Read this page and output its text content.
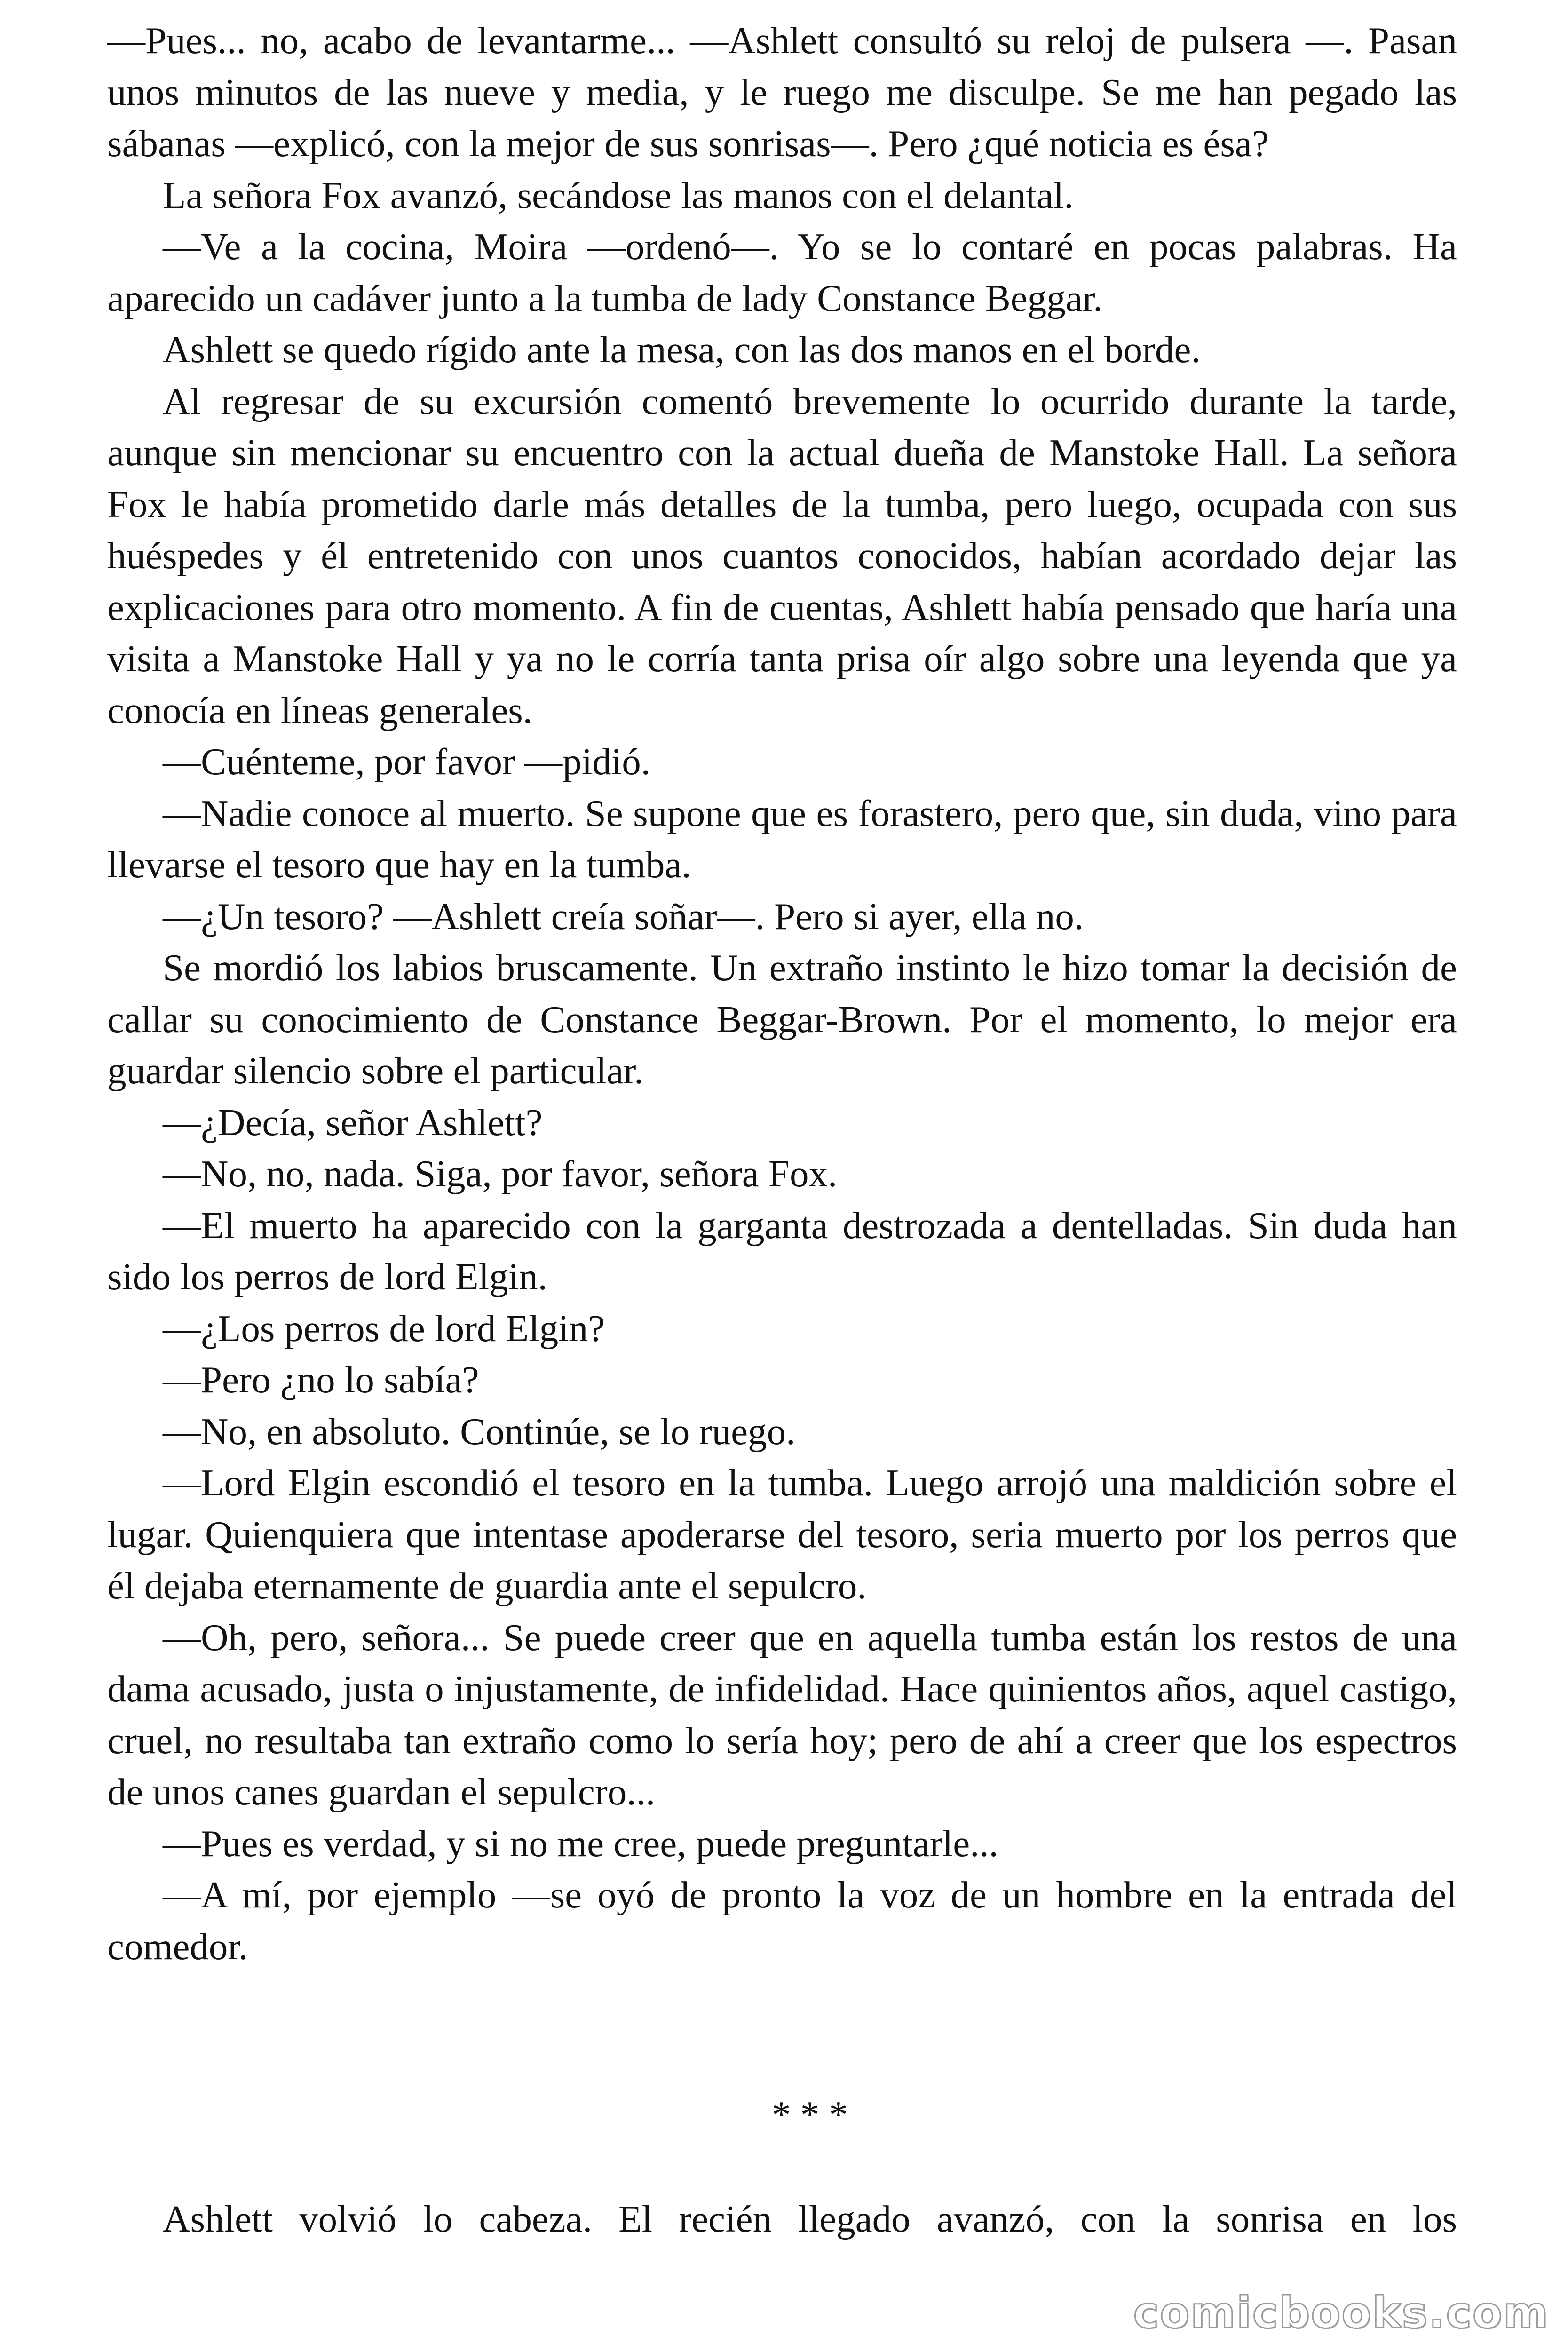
—Pues... no, acabo de levantarme... —Ashlett consultó su reloj de pulsera —. Pasan unos minutos de las nueve y media, y le ruego me disculpe. Se me han pegado las sábanas —explicó, con la mejor de sus sonrisas—. Pero ¿qué noticia es ésa?

La señora Fox avanzó, secándose las manos con el delantal.

—Ve a la cocina, Moira —ordenó—. Yo se lo contaré en pocas palabras. Ha aparecido un cadáver junto a la tumba de lady Constance Beggar.

Ashlett se quedo rígido ante la mesa, con las dos manos en el borde.

Al regresar de su excursión comentó brevemente lo ocurrido durante la tarde, aunque sin mencionar su encuentro con la actual dueña de Manstoke Hall. La señora Fox le había prometido darle más detalles de la tumba, pero luego, ocupada con sus huéspedes y él entretenido con unos cuantos conocidos, habían acordado dejar las explicaciones para otro momento. A fin de cuentas, Ashlett había pensado que haría una visita a Manstoke Hall y ya no le corría tanta prisa oír algo sobre una leyenda que ya conocía en líneas generales.

—Cuénteme, por favor —pidió.

—Nadie conoce al muerto. Se supone que es forastero, pero que, sin duda, vino para llevarse el tesoro que hay en la tumba.

—¿Un tesoro? —Ashlett creía soñar—. Pero si ayer, ella no.

Se mordió los labios bruscamente. Un extraño instinto le hizo tomar la decisión de callar su conocimiento de Constance Beggar-Brown. Por el momento, lo mejor era guardar silencio sobre el particular.

—¿Decía, señor Ashlett?

—No, no, nada. Siga, por favor, señora Fox.

—El muerto ha aparecido con la garganta destrozada a dentelladas. Sin duda han sido los perros de lord Elgin.

—¿Los perros de lord Elgin?

—Pero ¿no lo sabía?

—No, en absoluto. Continúe, se lo ruego.

—Lord Elgin escondió el tesoro en la tumba. Luego arrojó una maldición sobre el lugar. Quienquiera que intentase apoderarse del tesoro, seria muerto por los perros que él dejaba eternamente de guardia ante el sepulcro.

—Oh, pero, señora... Se puede creer que en aquella tumba están los restos de una dama acusado, justa o injustamente, de infidelidad. Hace quinientos años, aquel castigo, cruel, no resultaba tan extraño como lo sería hoy; pero de ahí a creer que los espectros de unos canes guardan el sepulcro...

—Pues es verdad, y si no me cree, puede preguntarle...

—A mí, por ejemplo —se oyó de pronto la voz de un hombre en la entrada del comedor.

* * *
Ashlett volvió lo cabeza. El recién llegado avanzó, con la sonrisa en los
comicbooks.com
